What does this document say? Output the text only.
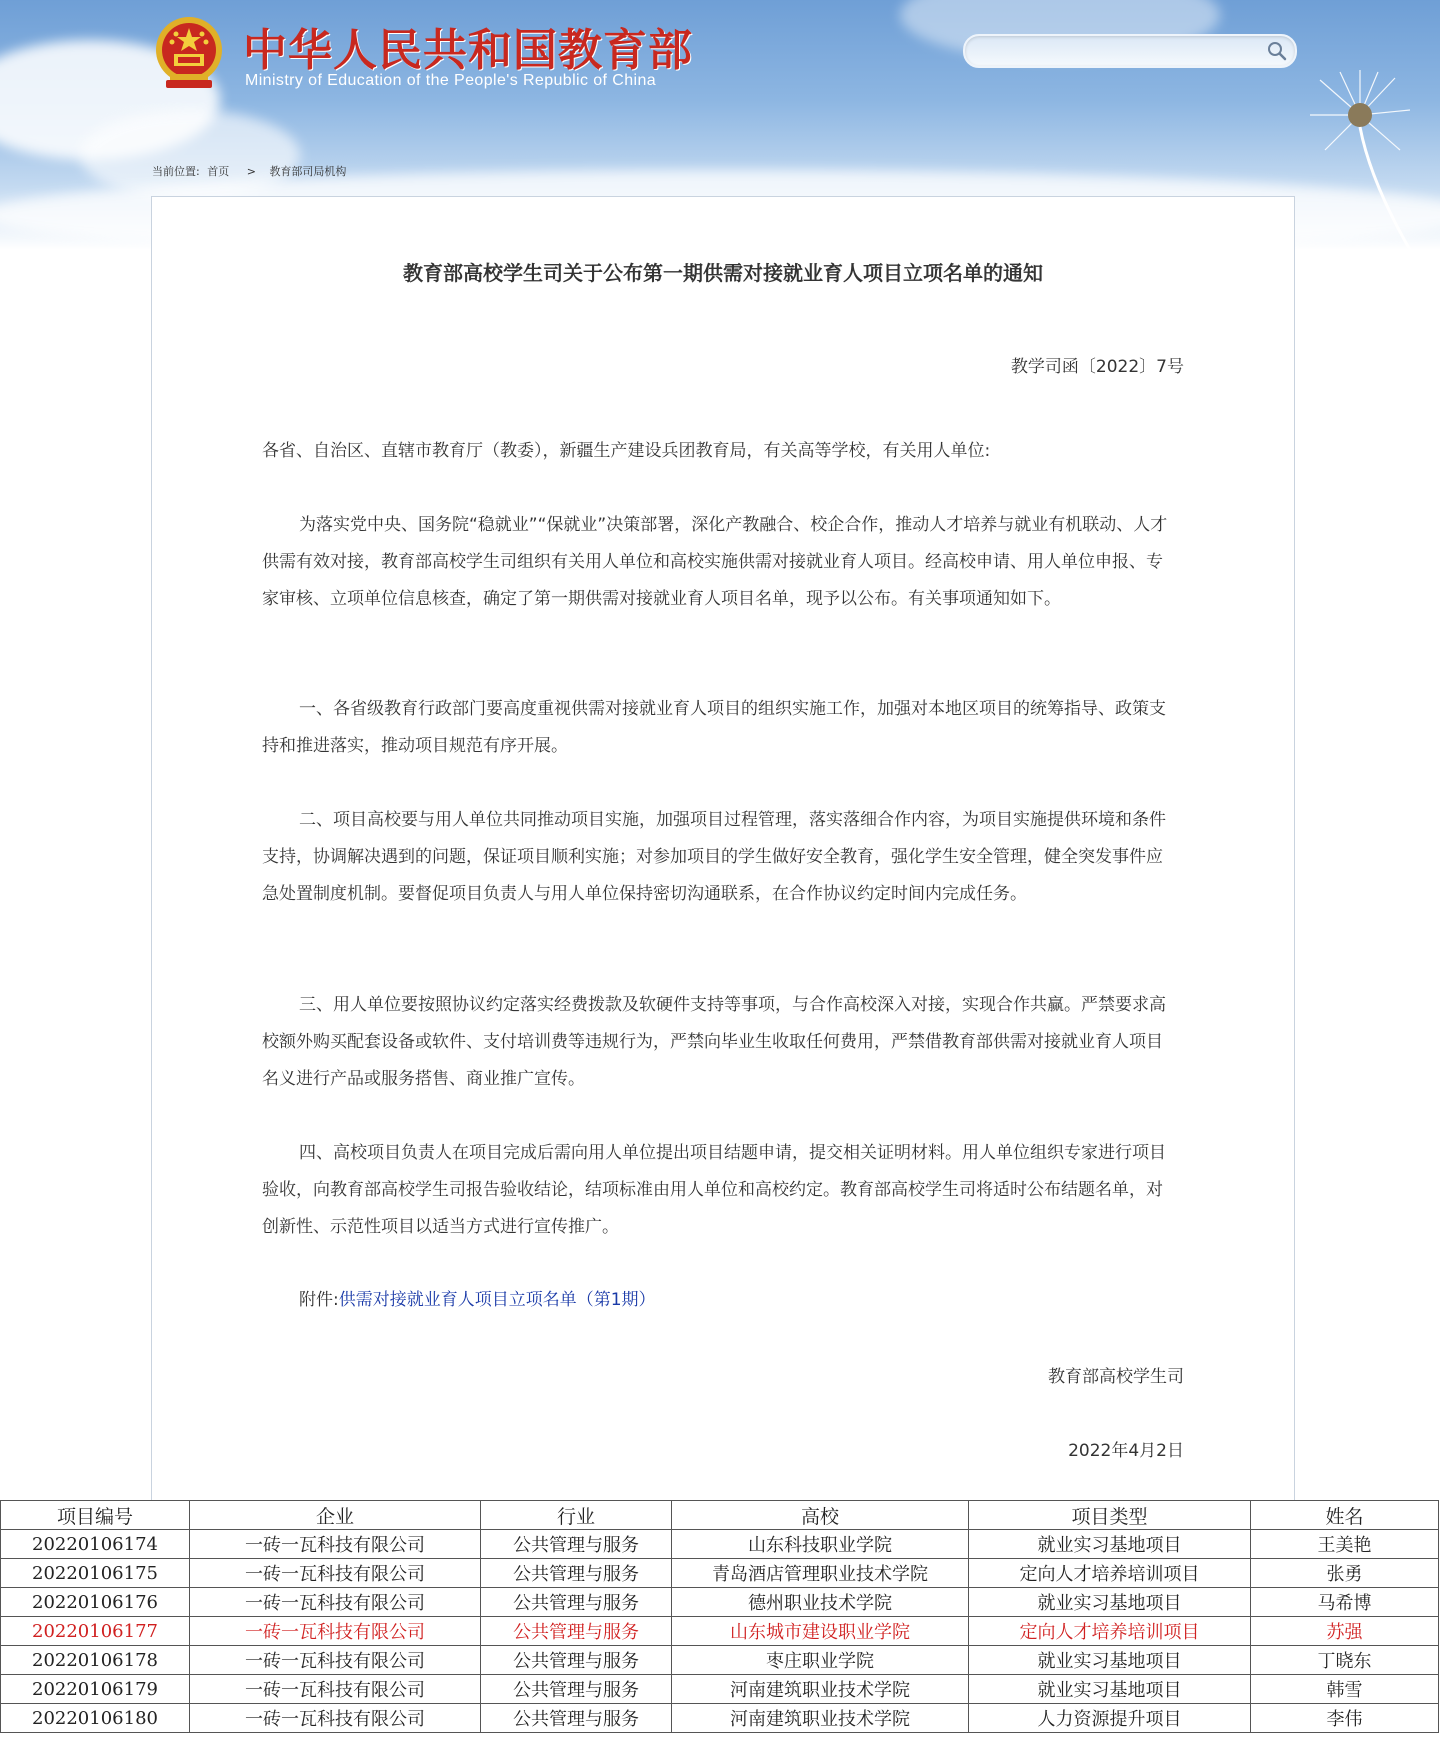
中华人民共和国教育部
Ministry of Education of the People's Republic of China
当前位置: 首页 > 教育部司局机构
教育部高校学生司关于公布第一期供需对接就业育人项目立项名单的通知
教学司函〔2022〕7号

各省、自治区、直辖市教育厅（教委），新疆生产建设兵团教育局，有关高等学校，有关用人单位:

为落实党中央、国务院“稳就业”“保就业”决策部署，深化产教融合、校企合作，推动人才培养与就业有机联动、人才供需有效对接，教育部高校学生司组织有关用人单位和高校实施供需对接就业育人项目。经高校申请、用人单位申报、专家审核、立项单位信息核查，确定了第一期供需对接就业育人项目名单，现予以公布。有关事项通知如下。

一、各省级教育行政部门要高度重视供需对接就业育人项目的组织实施工作，加强对本地区项目的统筹指导、政策支持和推进落实，推动项目规范有序开展。

二、项目高校要与用人单位共同推动项目实施，加强项目过程管理，落实落细合作内容，为项目实施提供环境和条件支持，协调解决遇到的问题，保证项目顺利实施；对参加项目的学生做好安全教育，强化学生安全管理，健全突发事件应急处置制度机制。要督促项目负责人与用人单位保持密切沟通联系，在合作协议约定时间内完成任务。

三、用人单位要按照协议约定落实经费拨款及软硬件支持等事项，与合作高校深入对接，实现合作共赢。严禁要求高校额外购买配套设备或软件、支付培训费等违规行为，严禁向毕业生收取任何费用，严禁借教育部供需对接就业育人项目名义进行产品或服务搭售、商业推广宣传。

四、高校项目负责人在项目完成后需向用人单位提出项目结题申请，提交相关证明材料。用人单位组织专家进行项目验收，向教育部高校学生司报告验收结论，结项标准由用人单位和高校约定。教育部高校学生司将适时公布结题名单，对创新性、示范性项目以适当方式进行宣传推广。

附件:供需对接就业育人项目立项名单（第1期）

教育部高校学生司
2022年4月2日
项目编号	企业	行业	高校	项目类型	姓名
20220106174	一砖一瓦科技有限公司	公共管理与服务	山东科技职业学院	就业实习基地项目	王美艳
20220106175	一砖一瓦科技有限公司	公共管理与服务	青岛酒店管理职业技术学院	定向人才培养培训项目	张勇
20220106176	一砖一瓦科技有限公司	公共管理与服务	德州职业技术学院	就业实习基地项目	马希博
20220106177	一砖一瓦科技有限公司	公共管理与服务	山东城市建设职业学院	定向人才培养培训项目	苏强
20220106178	一砖一瓦科技有限公司	公共管理与服务	枣庄职业学院	就业实习基地项目	丁晓东
20220106179	一砖一瓦科技有限公司	公共管理与服务	河南建筑职业技术学院	就业实习基地项目	韩雪
20220106180	一砖一瓦科技有限公司	公共管理与服务	河南建筑职业技术学院	人力资源提升项目	李伟
